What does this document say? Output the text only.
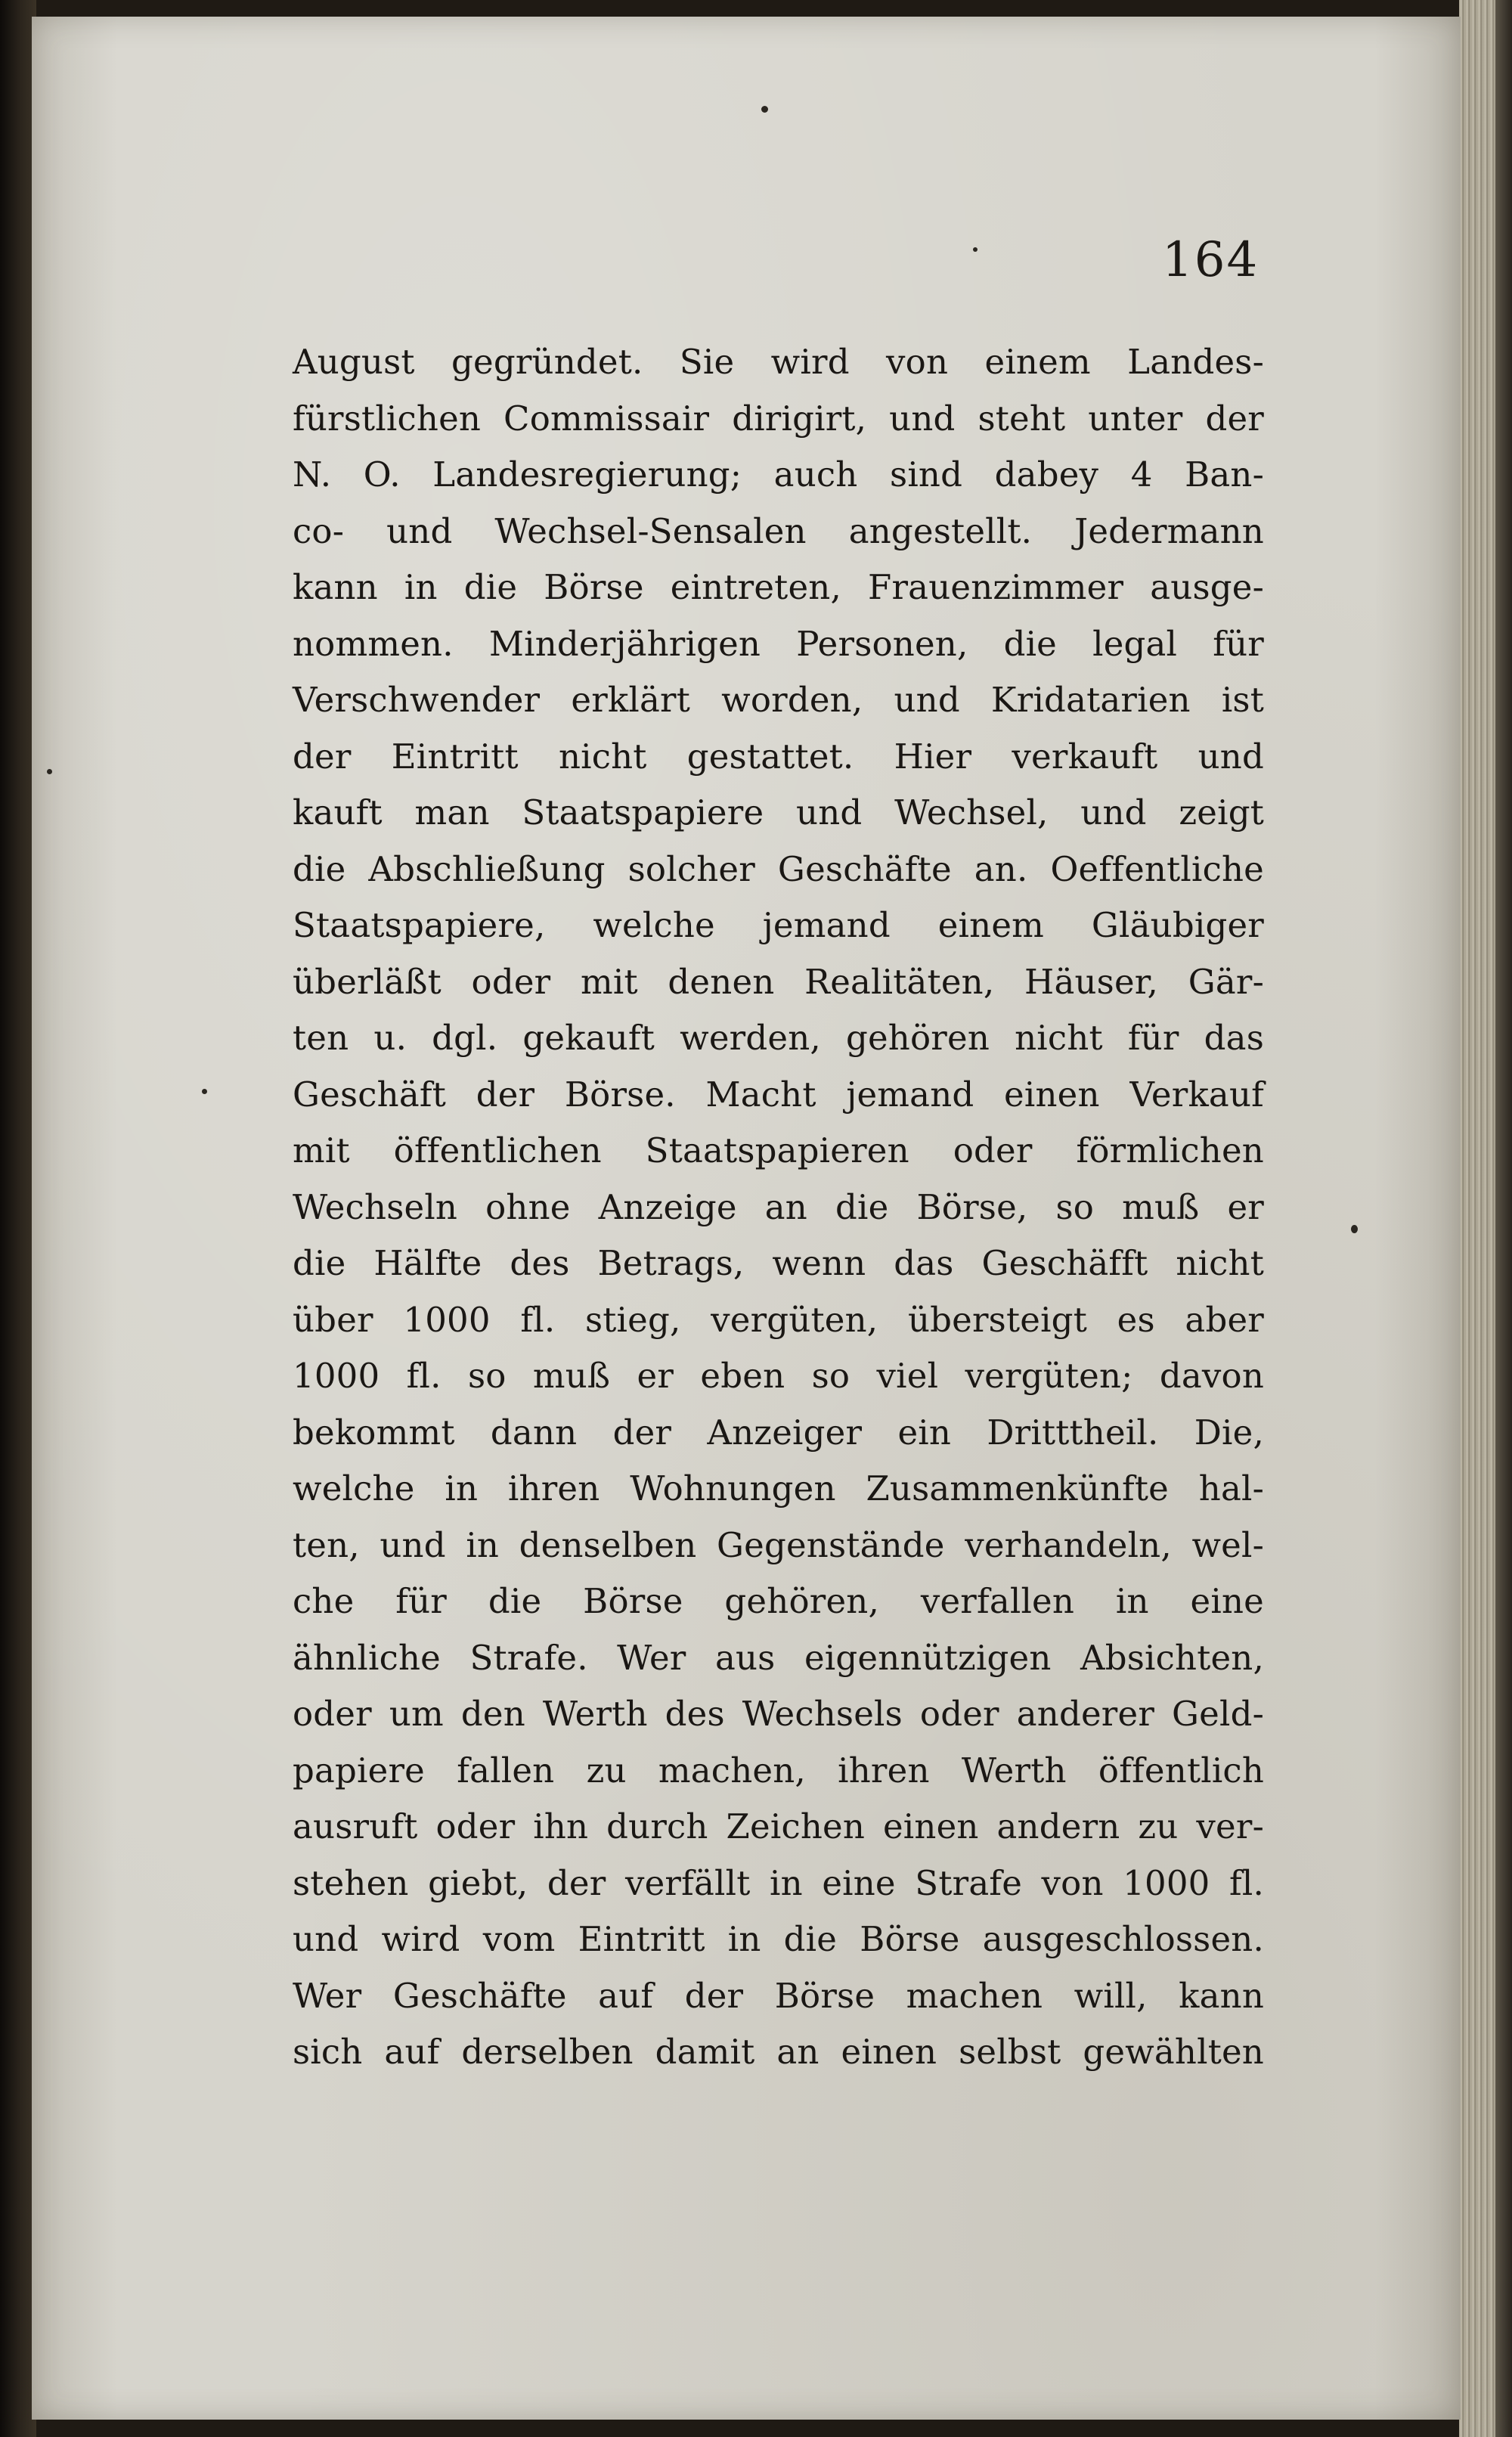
164
August gegründet. Sie wird von einem Landes-
fürstlichen Commissair dirigirt, und steht unter der
N. O. Landesregierung; auch sind dabey 4 Ban-
co- und Wechsel-Sensalen angestellt. Jedermann
kann in die Börse eintreten, Frauenzimmer ausge-
nommen. Minderjährigen Personen, die legal für
Verschwender erklärt worden, und Kridatarien ist
der Eintritt nicht gestattet. Hier verkauft und
kauft man Staatspapiere und Wechsel, und zeigt
die Abschließung solcher Geschäfte an. Oeffentliche
Staatspapiere, welche jemand einem Gläubiger
überläßt oder mit denen Realitäten, Häuser, Gär-
ten u. dgl. gekauft werden, gehören nicht für das
Geschäft der Börse. Macht jemand einen Verkauf
mit öffentlichen Staatspapieren oder förmlichen
Wechseln ohne Anzeige an die Börse, so muß er
die Hälfte des Betrags, wenn das Geschäfft nicht
über 1000 fl. stieg, vergüten, übersteigt es aber
1000 fl. so muß er eben so viel vergüten; davon
bekommt dann der Anzeiger ein Dritttheil. Die,
welche in ihren Wohnungen Zusammenkünfte hal-
ten, und in denselben Gegenstände verhandeln, wel-
che für die Börse gehören, verfallen in eine
ähnliche Strafe. Wer aus eigennützigen Absichten,
oder um den Werth des Wechsels oder anderer Geld-
papiere fallen zu machen, ihren Werth öffentlich
ausruft oder ihn durch Zeichen einen andern zu ver-
stehen giebt, der verfällt in eine Strafe von 1000 fl.
und wird vom Eintritt in die Börse ausgeschlossen.
Wer Geschäfte auf der Börse machen will, kann
sich auf derselben damit an einen selbst gewählten
